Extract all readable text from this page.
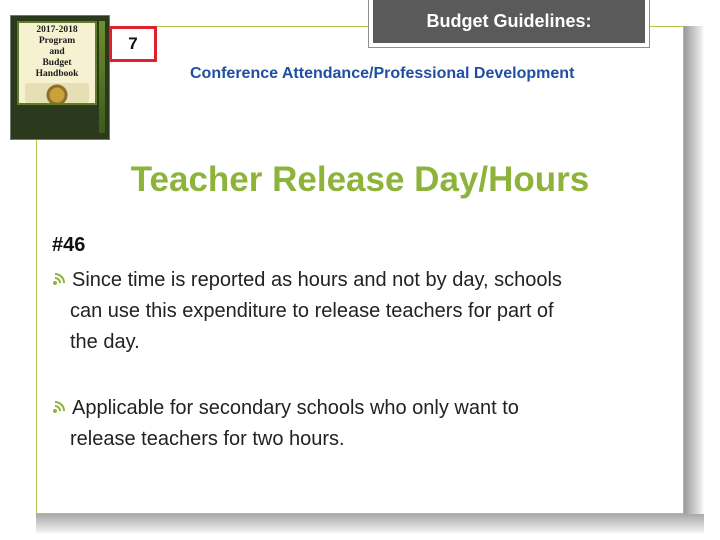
2017-2018
Program
and
Budget
Handbook
7
Budget Guidelines:
Conference Attendance/Professional Development
Teacher Release Day/Hours
#46
Since time is reported as hours and not by day, schools
can use this expenditure to release teachers for part of
the day.
Applicable for secondary schools who only want to
release teachers for two hours.
